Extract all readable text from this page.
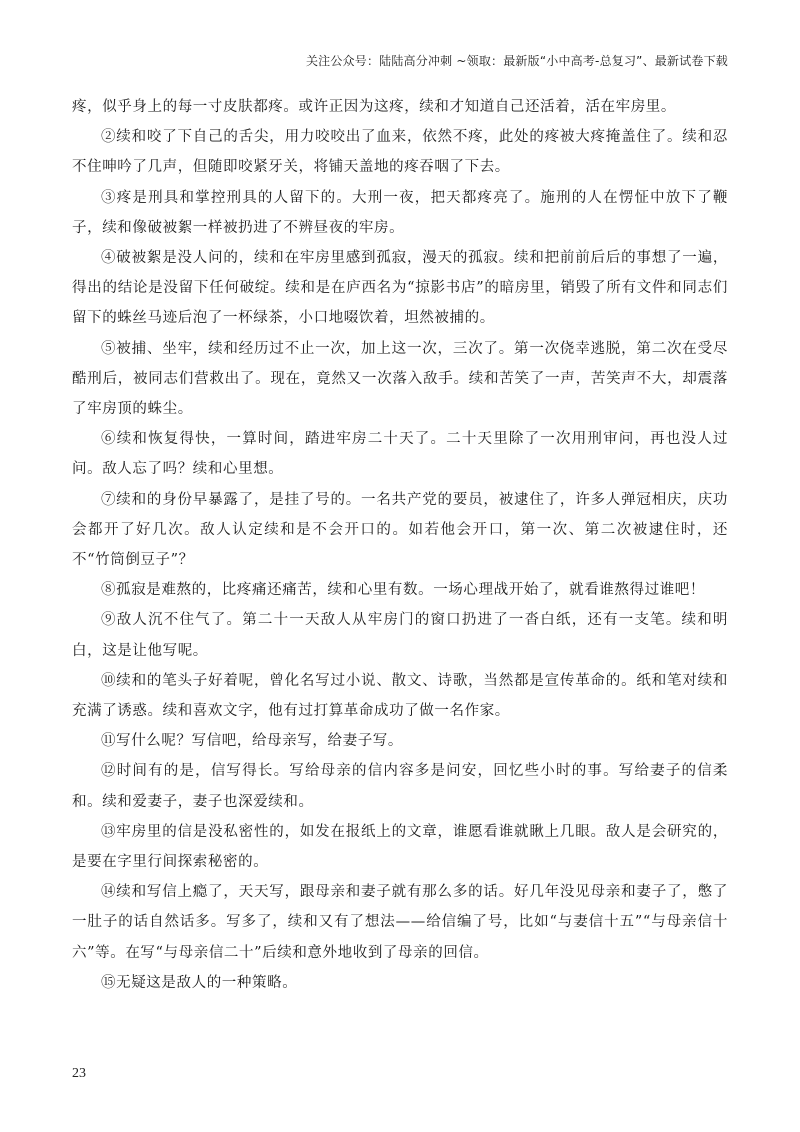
关注公众号：陆陆高分冲刺 ~领取：最新版“小中高考-总复习”、最新试卷下载

疼，似乎身上的每一寸皮肤都疼。或许正因为这疼，续和才知道自己还活着，活在牢房里。

②续和咬了下自己的舌尖，用力咬咬出了血来，依然不疼，此处的疼被大疼掩盖住了。续和忍不住呻吟了几声，但随即咬紧牙关，将铺天盖地的疼吞咽了下去。

③疼是刑具和掌控刑具的人留下的。大刑一夜，把天都疼亮了。施刑的人在愣怔中放下了鞭子，续和像破被絮一样被扔进了不辨昼夜的牢房。

④破被絮是没人问的，续和在牢房里感到孤寂，漫天的孤寂。续和把前前后后的事想了一遍，得出的结论是没留下任何破绽。续和是在庐西名为“掠影书店”的暗房里，销毁了所有文件和同志们留下的蛛丝马迹后泡了一杯绿茶，小口地啜饮着，坦然被捕的。

⑤被捕、坐牢，续和经历过不止一次，加上这一次，三次了。第一次侥幸逃脱，第二次在受尽酷刑后，被同志们营救出了。现在，竟然又一次落入敌手。续和苦笑了一声，苦笑声不大，却震落了牢房顶的蛛尘。

⑥续和恢复得快，一算时间，踏进牢房二十天了。二十天里除了一次用刑审问，再也没人过问。敌人忘了吗？续和心里想。

⑦续和的身份早暴露了，是挂了号的。一名共产党的要员，被逮住了，许多人弹冠相庆，庆功会都开了好几次。敌人认定续和是不会开口的。如若他会开口，第一次、第二次被逮住时，还不“竹筒倒豆子”？

⑧孤寂是难熬的，比疼痛还痛苦，续和心里有数。一场心理战开始了，就看谁熬得过谁吧！

⑨敌人沉不住气了。第二十一天敌人从牢房门的窗口扔进了一沓白纸，还有一支笔。续和明白，这是让他写呢。

⑩续和的笔头子好着呢，曾化名写过小说、散文、诗歌，当然都是宣传革命的。纸和笔对续和充满了诱惑。续和喜欢文字，他有过打算革命成功了做一名作家。

⑪写什么呢？写信吧，给母亲写，给妻子写。

⑫时间有的是，信写得长。写给母亲的信内容多是问安，回忆些小时的事。写给妻子的信柔和。续和爱妻子，妻子也深爱续和。

⑬牢房里的信是没私密性的，如发在报纸上的文章，谁愿看谁就瞅上几眼。敌人是会研究的，是要在字里行间探索秘密的。

⑭续和写信上瘾了，天天写，跟母亲和妻子就有那么多的话。好几年没见母亲和妻子了，憋了一肚子的话自然话多。写多了，续和又有了想法——给信编了号，比如“与妻信十五”“与母亲信十六”等。在写“与母亲信二十”后续和意外地收到了母亲的回信。

⑮无疑这是敌人的一种策略。

23
